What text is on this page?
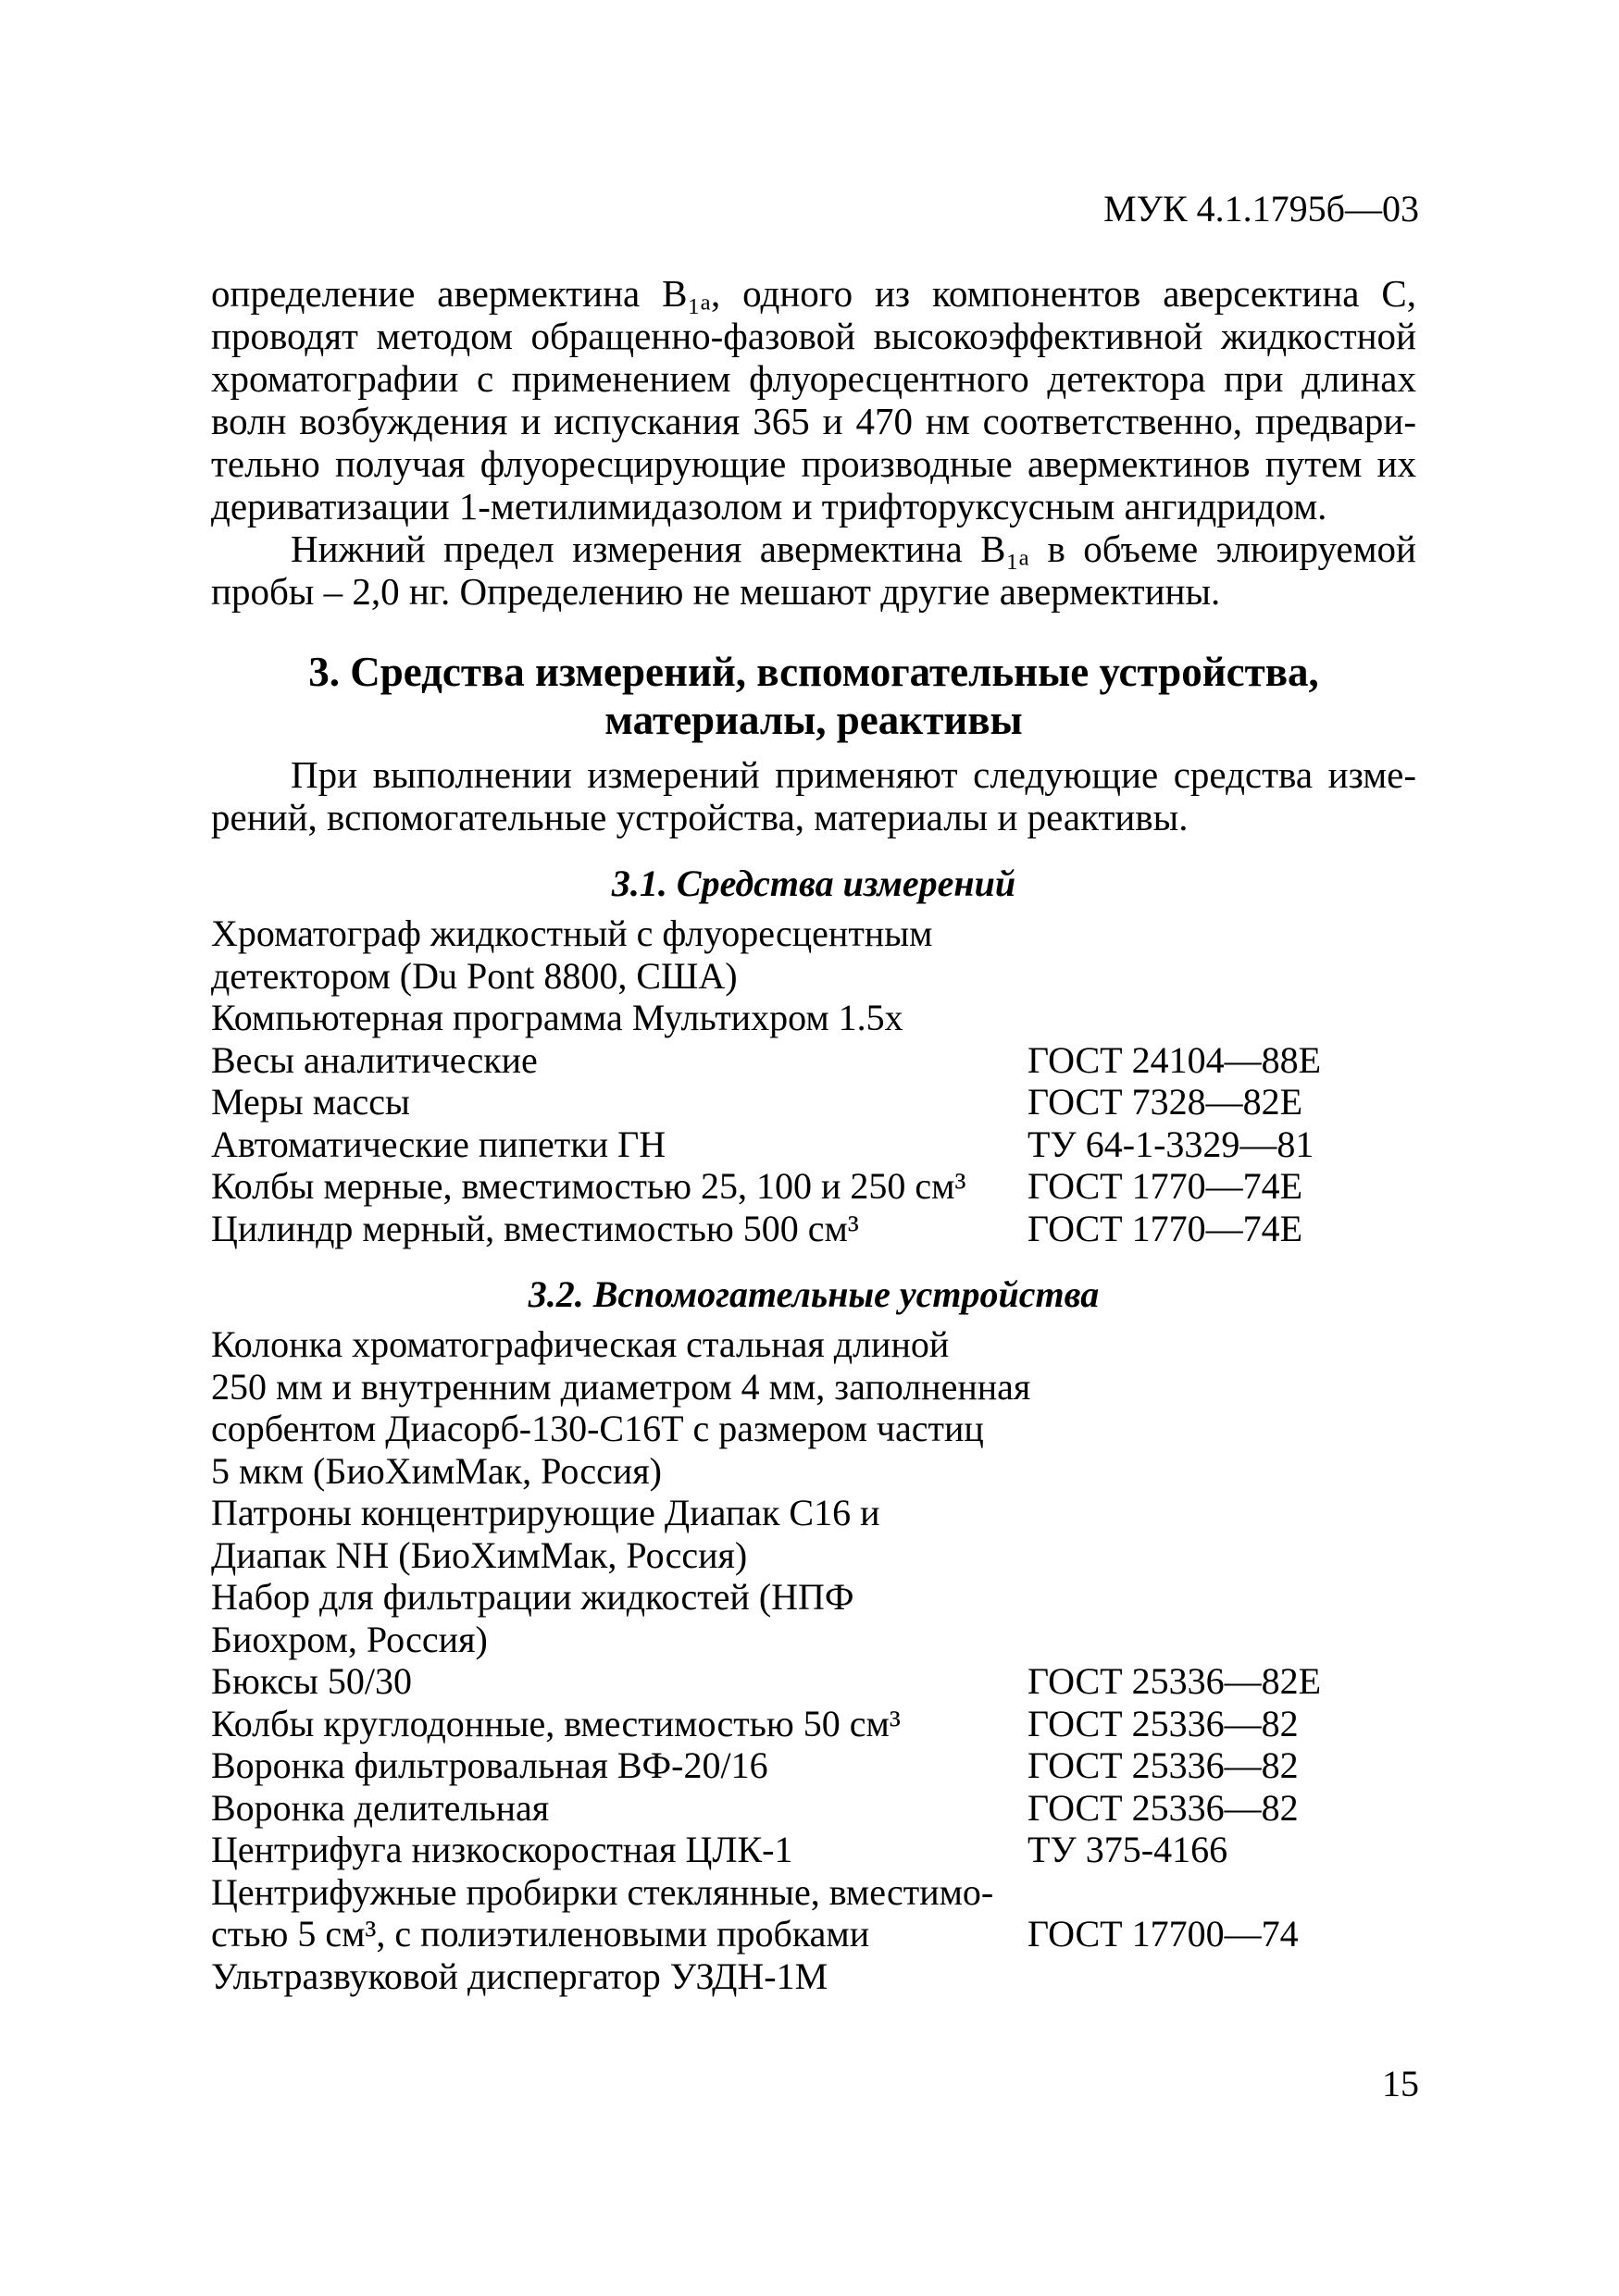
МУК 4.1.1795б—03

определение авермектина B₁ₐ, одного из компонентов аверсектина С,
проводят методом обращенно-фазовой высокоэффективной жидкостной
хроматографии с применением флуоресцентного детектора при длинах
волн возбуждения и испускания 365 и 470 нм соответственно, предвари-
тельно получая флуоресцирующие производные авермектинов путем их
дериватизации 1-метилимидазолом и трифторуксусным ангидридом.

Нижний предел измерения авермектина B₁ₐ в объеме элюируемой
пробы – 2,0 нг. Определению не мешают другие авермектины.

3. Средства измерений, вспомогательные устройства,
материалы, реактивы

При выполнении измерений применяют следующие средства изме-
рений, вспомогательные устройства, материалы и реактивы.

3.1. Средства измерений
Хроматограф жидкостный с флуоресцентным
детектором (Du Pont 8800, США)
Компьютерная программа Мультихром 1.5x
Весы аналитические	ГОСТ 24104—88Е
Меры массы	ГОСТ 7328—82Е
Автоматические пипетки ГН	ТУ 64-1-3329—81
Колбы мерные, вместимостью 25, 100 и 250 см³	ГОСТ 1770—74Е
Цилиндр мерный, вместимостью 500 см³	ГОСТ 1770—74Е
3.2. Вспомогательные устройства
Колонка хроматографическая стальная длиной
250 мм и внутренним диаметром 4 мм, заполненная
сорбентом Диасорб-130-С16Т с размером частиц
5 мкм (БиоХимМак, Россия)
Патроны концентрирующие Диапак С16 и
Диапак NH (БиоХимМак, Россия)
Набор для фильтрации жидкостей (НПФ
Биохром, Россия)
Бюксы 50/30	ГОСТ 25336—82Е
Колбы круглодонные, вместимостью 50 см³	ГОСТ 25336—82
Воронка фильтровальная ВФ-20/16	ГОСТ 25336—82
Воронка делительная	ГОСТ 25336—82
Центрифуга низкоскоростная ЦЛК-1	ТУ 375-4166
Центрифужные пробирки стеклянные, вместимо-
стью 5 см³, с полиэтиленовыми пробками	ГОСТ 17700—74
Ультразвуковой диспергатор УЗДН-1М
15
